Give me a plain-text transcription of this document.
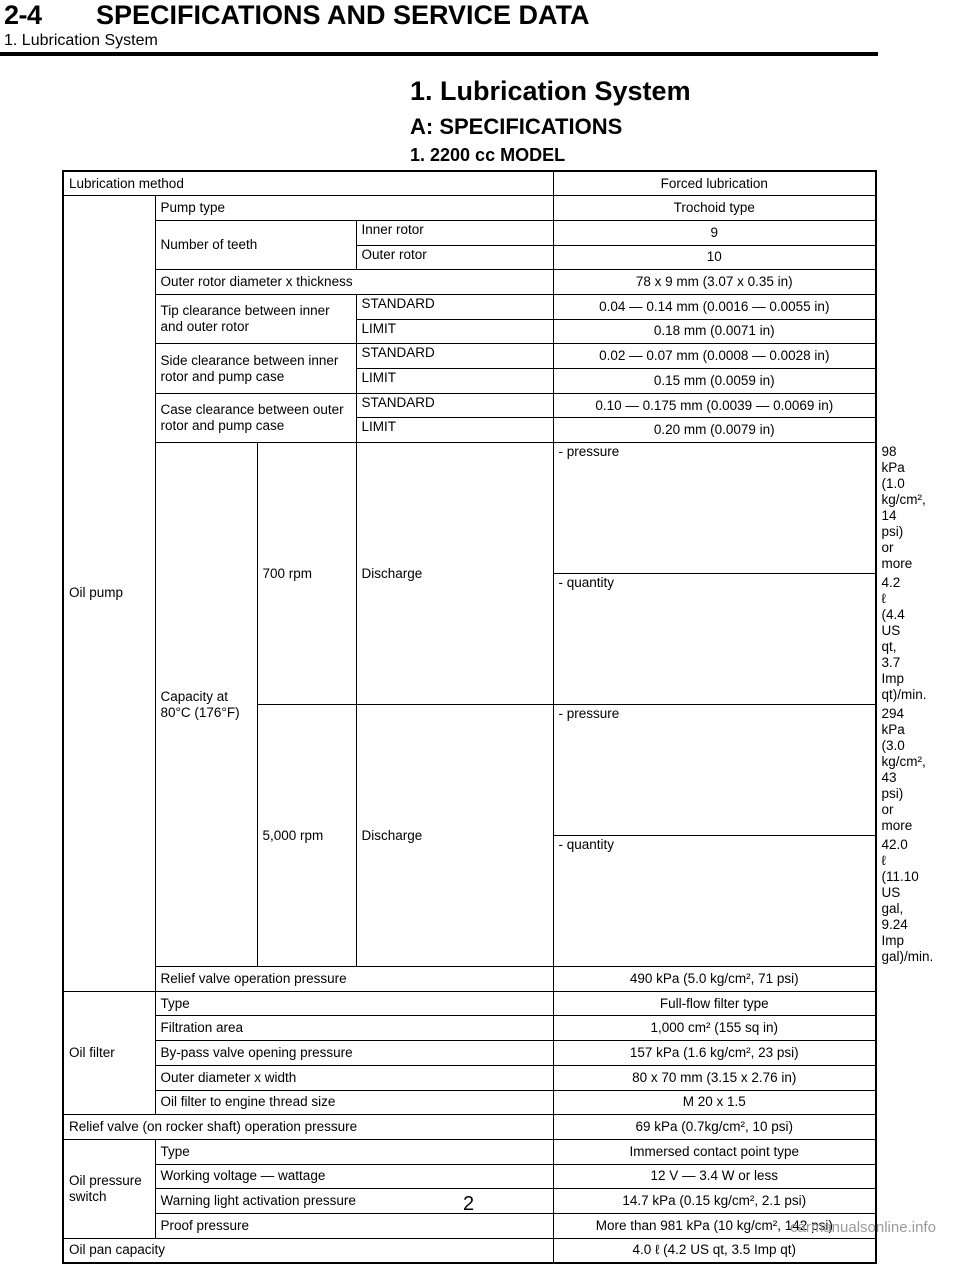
2-4 SPECIFICATIONS AND SERVICE DATA
1. Lubrication System
1. Lubrication System
A: SPECIFICATIONS
1. 2200 cc MODEL
Lubrication method				Forced lubrication	
Oil pump	Pump type			Trochoid type	
	Number of teeth		Inner rotor	9	
			Outer rotor	10	
	Outer rotor diameter x thickness			78 x 9 mm (3.07 x 0.35 in)	
	Tip clearance between inner and outer rotor		STANDARD	0.04 — 0.14 mm (0.0016 — 0.0055 in)	
			LIMIT	0.18 mm (0.0071 in)	
	Side clearance between inner rotor and pump case		STANDARD	0.02 — 0.07 mm (0.0008 — 0.0028 in)	
			LIMIT	0.15 mm (0.0059 in)	
	Case clearance between outer rotor and pump case		STANDARD	0.10 — 0.175 mm (0.0039 — 0.0069 in)	
			LIMIT	0.20 mm (0.0079 in)	
	Capacity at 80°C (176°F)	700 rpm	Discharge	- pressure	98 kPa (1.0 kg/cm², 14 psi) or more
				- quantity	4.2 ℓ (4.4 US qt, 3.7 Imp qt)/min.
		5,000 rpm	Discharge	- pressure	294 kPa (3.0 kg/cm², 43 psi) or more
				- quantity	42.0 ℓ (11.10 US gal, 9.24 Imp gal)/min.
	Relief valve operation pressure			490 kPa (5.0 kg/cm², 71 psi)	
Oil filter	Type			Full-flow filter type	
	Filtration area			1,000 cm² (155 sq in)	
	By-pass valve opening pressure			157 kPa (1.6 kg/cm², 23 psi)	
	Outer diameter x width			80 x 70 mm (3.15 x 2.76 in)	
	Oil filter to engine thread size			M 20 x 1.5	
Relief valve (on rocker shaft) operation pressure				69 kPa (0.7kg/cm², 10 psi)	
Oil pressure switch	Type			Immersed contact point type	
	Working voltage — wattage			12 V — 3.4 W or less	
	Warning light activation pressure			14.7 kPa (0.15 kg/cm², 2.1 psi)	
	Proof pressure			More than 981 kPa (10 kg/cm², 142 psi)	
Oil pan capacity				4.0 ℓ (4.2 US qt, 3.5 Imp qt)	
2
carmanualsonline.info
